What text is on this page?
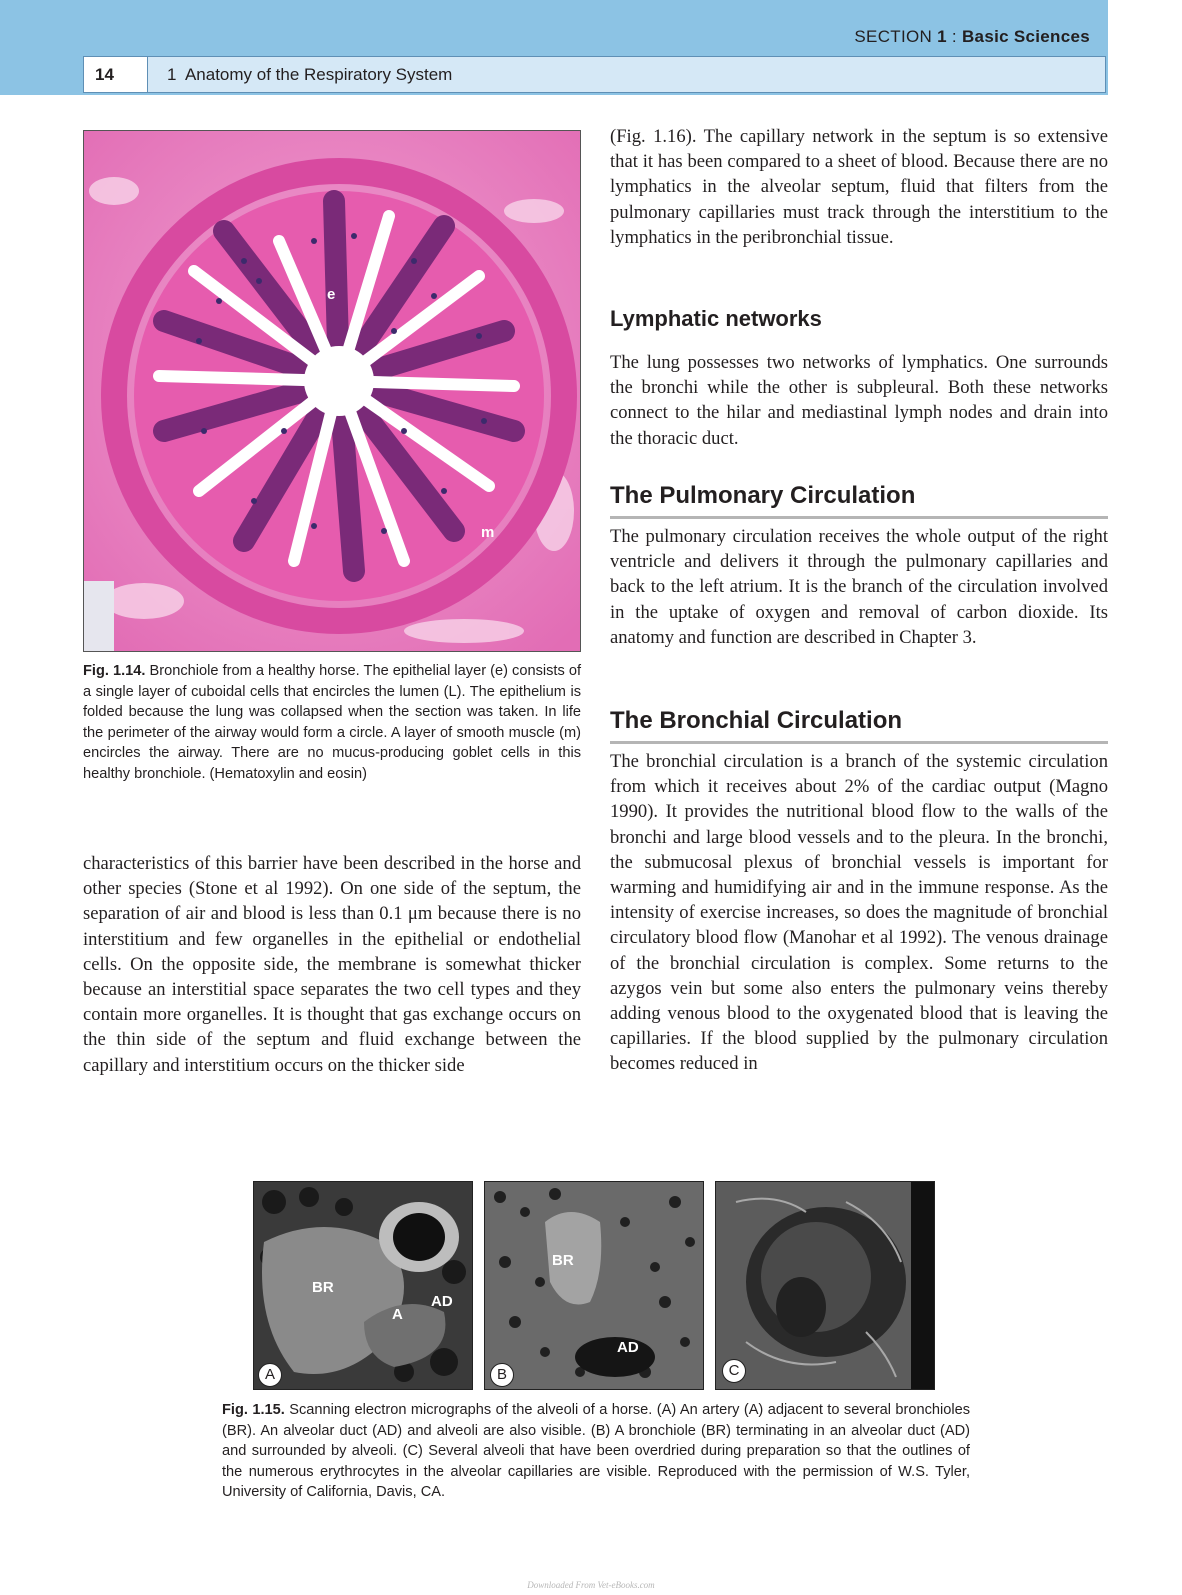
SECTION 1 : Basic Sciences
14	1  Anatomy of the Respiratory System
e
L
m
Fig. 1.14. Bronchiole from a healthy horse. The epithelial layer (e) consists of a single layer of cuboidal cells that encircles the lumen (L). The epithelium is folded because the lung was collapsed when the section was taken. In life the perimeter of the airway would form a circle. A layer of smooth muscle (m) encircles the airway. There are no mucus-producing goblet cells in this healthy bronchiole. (Hematoxylin and eosin)

characteristics of this barrier have been described in the horse and other species (Stone et al 1992). On one side of the septum, the separation of air and blood is less than 0.1 μm because there is no interstitium and few organelles in the epithelial or endothelial cells. On the opposite side, the membrane is somewhat thicker because an interstitial space separates the two cell types and they contain more organelles. It is thought that gas exchange occurs on the thin side of the septum and fluid exchange between the capillary and interstitium occurs on the thicker side

(Fig. 1.16). The capillary network in the septum is so extensive that it has been compared to a sheet of blood. Because there are no lymphatics in the alveolar septum, fluid that filters from the pulmonary capillaries must track through the interstitium to the lymphatics in the peribronchial tissue.

Lymphatic networks

The lung possesses two networks of lymphatics. One surrounds the bronchi while the other is subpleural. Both these networks connect to the hilar and mediastinal lymph nodes and drain into the thoracic duct.

The Pulmonary Circulation

The pulmonary circulation receives the whole output of the right ventricle and delivers it through the pulmonary capillaries and back to the left atrium. It is the branch of the circulation involved in the uptake of oxygen and removal of carbon dioxide. Its anatomy and function are described in Chapter 3.

The Bronchial Circulation

The bronchial circulation is a branch of the systemic circulation from which it receives about 2% of the cardiac output (Magno 1990). It provides the nutritional blood flow to the walls of the bronchi and large blood vessels and to the pleura. In the bronchi, the submucosal plexus of bronchial vessels is important for warming and humidifying air and in the immune response. As the intensity of exercise increases, so does the magnitude of bronchial circulatory blood flow (Manohar et al 1992). The venous drainage of the bronchial circulation is complex. Some returns to the azygos vein but some also enters the pulmonary veins thereby adding venous blood to the oxygenated blood that is leaving the capillaries. If the blood supplied by the pulmonary circulation becomes reduced in

BR
AD
A
A
BR
AD
B	C
Fig. 1.15. Scanning electron micrographs of the alveoli of a horse. (A) An artery (A) adjacent to several bronchioles (BR). An alveolar duct (AD) and alveoli are also visible. (B) A bronchiole (BR) terminating in an alveolar duct (AD) and surrounded by alveoli. (C) Several alveoli that have been overdried during preparation so that the outlines of the numerous erythrocytes in the alveolar capillaries are visible. Reproduced with the permission of W.S. Tyler, University of California, Davis, CA.
Downloaded From Vet-eBooks.com
